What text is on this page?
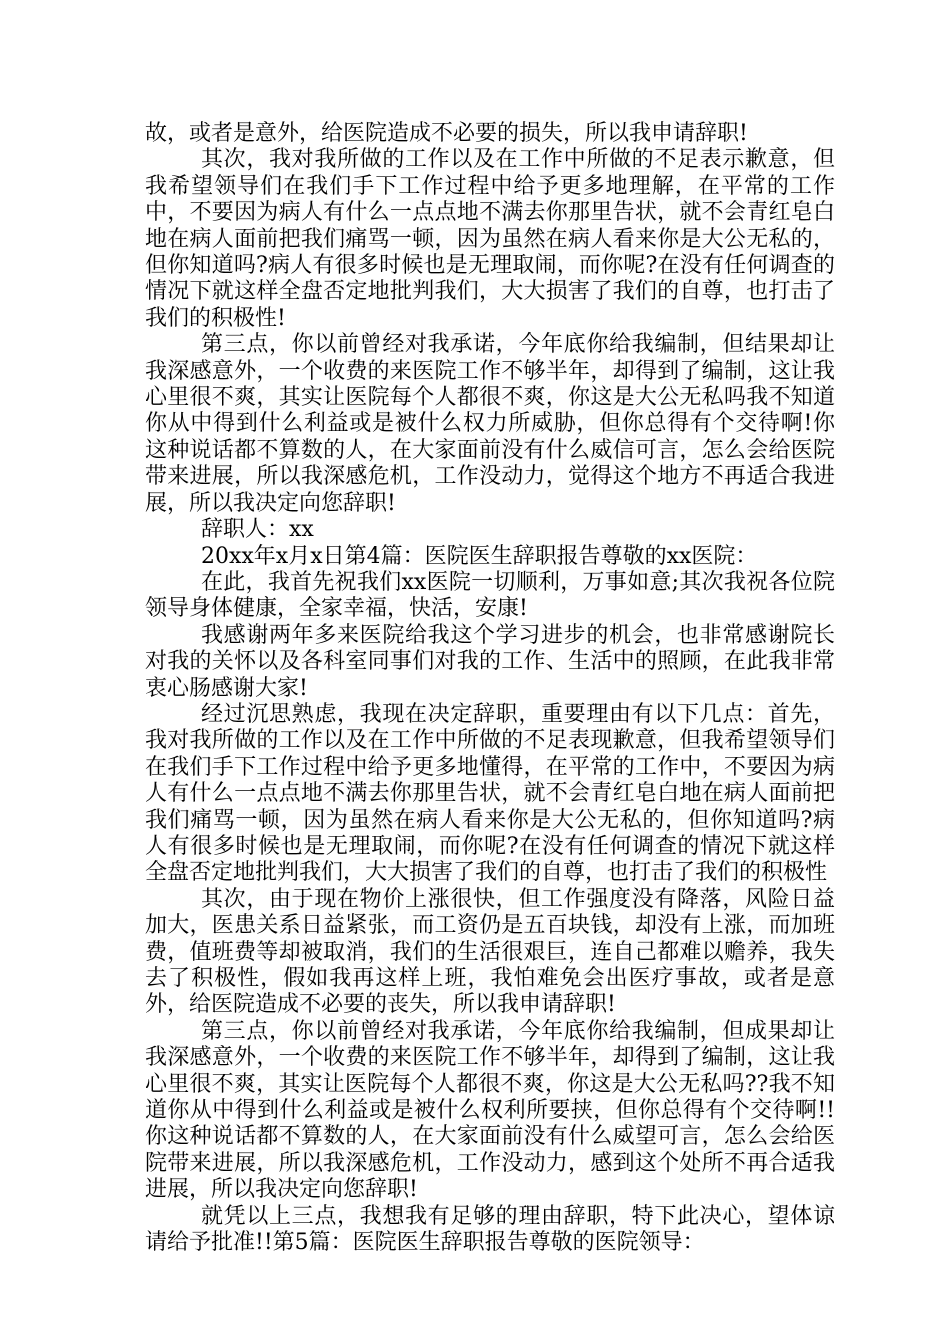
故，或者是意外，给医院造成不必要的损失，所以我申请辞职!

其次，我对我所做的工作以及在工作中所做的不足表示歉意，但我希望领导们在我们手下工作过程中给予更多地理解，在平常的工作中，不要因为病人有什么一点点地不满去你那里告状，就不会青红皂白地在病人面前把我们痛骂一顿，因为虽然在病人看来你是大公无私的，但你知道吗?病人有很多时候也是无理取闹，而你呢?在没有任何调查的情况下就这样全盘否定地批判我们，大大损害了我们的自尊，也打击了我们的积极性!

第三点，你以前曾经对我承诺，今年底你给我编制，但结果却让我深感意外，一个收费的来医院工作不够半年，却得到了编制，这让我心里很不爽，其实让医院每个人都很不爽，你这是大公无私吗我不知道你从中得到什么利益或是被什么权力所威胁，但你总得有个交待啊!你这种说话都不算数的人，在大家面前没有什么威信可言，怎么会给医院带来进展，所以我深感危机，工作没动力，觉得这个地方不再适合我进展，所以我决定向您辞职!

辞职人：xx

20xx年x月x日第4篇：医院医生辞职报告尊敬的xx医院：

在此，我首先祝我们xx医院一切顺利，万事如意;其次我祝各位院领导身体健康，全家幸福，快活，安康!

我感谢两年多来医院给我这个学习进步的机会，也非常感谢院长对我的关怀以及各科室同事们对我的工作、生活中的照顾，在此我非常衷心肠感谢大家!

经过沉思熟虑，我现在决定辞职，重要理由有以下几点：首先，我对我所做的工作以及在工作中所做的不足表现歉意，但我希望领导们在我们手下工作过程中给予更多地懂得，在平常的工作中，不要因为病人有什么一点点地不满去你那里告状，就不会青红皂白地在病人面前把我们痛骂一顿，因为虽然在病人看来你是大公无私的，但你知道吗?病人有很多时候也是无理取闹，而你呢?在没有任何调查的情况下就这样全盘否定地批判我们，大大损害了我们的自尊，也打击了我们的积极性

其次，由于现在物价上涨很快，但工作强度没有降落，风险日益加大，医患关系日益紧张，而工资仍是五百块钱，却没有上涨，而加班费，值班费等却被取消，我们的生活很艰巨，连自己都难以赡养，我失去了积极性，假如我再这样上班，我怕难免会出医疗事故，或者是意外，给医院造成不必要的丧失，所以我申请辞职!

第三点，你以前曾经对我承诺，今年底你给我编制，但成果却让我深感意外，一个收费的来医院工作不够半年，却得到了编制，这让我心里很不爽，其实让医院每个人都很不爽，你这是大公无私吗??我不知道你从中得到什么利益或是被什么权利所要挟，但你总得有个交待啊!!你这种说话都不算数的人，在大家面前没有什么威望可言，怎么会给医院带来进展，所以我深感危机，工作没动力，感到这个处所不再合适我进展，所以我决定向您辞职!

就凭以上三点，我想我有足够的理由辞职，特下此决心，望体谅请给予批准!!第5篇：医院医生辞职报告尊敬的医院领导：
